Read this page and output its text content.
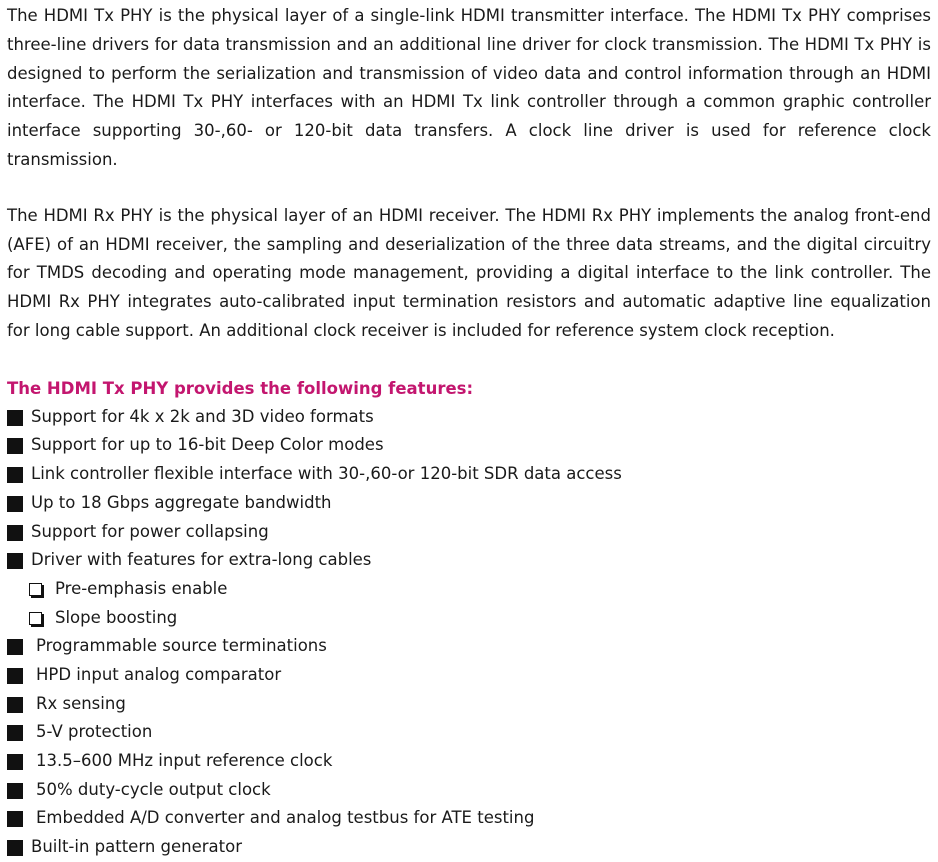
The HDMI Tx PHY is the physical layer of a single-link HDMI transmitter interface. The HDMI Tx PHY comprises three-line drivers for data transmission and an additional line driver for clock transmission. The HDMI Tx PHY is designed to perform the serialization and transmission of video data and control information through an HDMI interface. The HDMI Tx PHY interfaces with an HDMI Tx link controller through a common graphic controller interface supporting 30-,60- or 120-bit data transfers. A clock line driver is used for reference clock transmission.

The HDMI Rx PHY is the physical layer of an HDMI receiver. The HDMI Rx PHY implements the analog front-end (AFE) of an HDMI receiver, the sampling and deserialization of the three data streams, and the digital circuitry for TMDS decoding and operating mode management, providing a digital interface to the link controller. The HDMI Rx PHY integrates auto-calibrated input termination resistors and automatic adaptive line equalization for long cable support. An additional clock receiver is included for reference system clock reception.

The HDMI Tx PHY provides the following features:
Support for 4k x 2k and 3D video formats
Support for up to 16-bit Deep Color modes
Link controller flexible interface with 30-,60-or 120-bit SDR data access
Up to 18 Gbps aggregate bandwidth
Support for power collapsing
Driver with features for extra-long cables
Pre-emphasis enable
Slope boosting
Programmable source terminations
HPD input analog comparator
Rx sensing
5-V protection
13.5–600 MHz input reference clock
50% duty-cycle output clock
Embedded A/D converter and analog testbus for ATE testing
Built-in pattern generator
